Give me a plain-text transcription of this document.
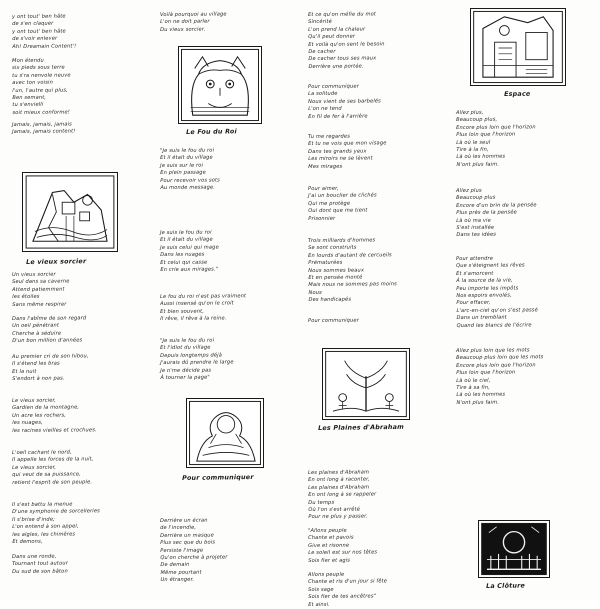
y ont tout' ben hâte
de s'en claquer
y ont tout' ben hâte
de s'voir enlever
Ah! Dreamain Content'!
Mon étendu
six pieds sous terre
tu s'ra nenvole neuve
avec ton voisin
l'un, l'autre qui plus,
Ben semant,
tu s'envielli
soit mieux conforme!
Jamais, jamais, jamais
Jamais, jamais content!
Le vieux sorcier
Un vieux sorcier
Seul dans sa caverne
Attend patiemment
les étoiles
Sans même respirer
Dans l'abîme de son regard
Un oeil pénétrant
Cherche à séduire
D'un bon million d'années
Au premier cri de son hibou,
Il s'étend les bras
Et la nuit
S'endort à non pas.
Le vieux sorcier,
Gardien de la montagne,
Un acre les rochers,
les nuages,
les racines vieilles et crochues.
L'oeil cachant le nord,
Il appelle les forces de la nuit,
Le vieux sorcier,
qui veut de sa puissance,
retient l'esprit de son peuple.
Il s'est battu la menue
D'une symphonie de sorcelleries
Il s'brise d'inde;
L'on entend à son appel,
les aigles, les chimères
Et demons,
Dans une ronde,
Tournant tout autour
Du sud de son bâton
Voilà pourquoi au village
L'on ne doit parler
Du vieux sorcier.
Le Fou du Roi
"Je suis le fou du roi
Et il était du village
Je suis sur le roi
En plein passage
Pour recevoir vos sots
Au monde message.
Je suis le fou du roi
Et il était du village
Je suis celui qui mage
Dans les nuages
Et celui qui casse
En crie aux mirages."
Le fou du roi n'est pas vraiment
Aussi insensé qu'on le croit
Et bien souvent,
Il rêve, il rêve à la reine.
"Je suis le fou du roi
Et l'idiot du village
Depuis longtemps déjà
J'aurais dû prendre le large
Je n'me décide pas
À tourner la page"
Pour communiquer
Derrière un écran
de l'incendie,
Derrière un masque
Plus sec que du bois
Persiste l'image
Qu'on cherche à projeter
De demain
Même pourtant
Un étranger.
Et ce qu'on méfie du mot
Sincérité
L'on prend la chaleur
Qu'il peut donner
Et voilà qu'on sent le besoin
De cacher
De cacher tous ses maux
Derrière une portée.
Pour communiquer
La solitude
Nous vient de ses barbelés
L'on ne tend
En fil de fer à l'arrière
Tu me regardes
Et tu ne vois que mon visage
Dans tes grands yeux
Les miroirs ne se lèvent
Mes mirages
Pour aimer,
J'ai un bouclier de clichés
Qui me protège
Oui dont que me tient
Prisonnier
Trois milliards d'hommes
Se sont construits
En lourds d'autant de cercueils
Prématurées
Nous sommes beaux
Et en pensée monté
Mais nous ne sommes pas moins
Nous
Des handicapés
Pour communiquer
Les Plaines d'Abraham
Les plaines d'Abraham
En ont long à raconter,
Les plaines d'Abraham
En ont long à se rappeler
Du temps
Où l'on s'est arrêté
Pour ne plus y passer.
"Allons peuple
Chante et pavois
Give et risonne
Le soleil est sur nos têtes
Sois fier et agis
Allons peuple
Chante et ris d'un jour si fête
Sois sage
Sois fier de tes ancêtres"
Et ainsi.
Espace
Allez plus,
Beaucoup plus,
Encore plus loin que l'horizon
Plus loin que l'horizon
Là où le seul
Tire à la fin,
Là où les hommes
N'ont plus faim.
Allez plus
Beaucoup plus
Encore d'un brin de la pensée
Plus près de la pensée
Là où ma vie
S'est installée
Dans tes idées
Pour attendre
Que s'éteignent les rêves
Et s'amorcent
À la source de la vie,
Peu importe les impôts
Nos espoirs envolés,
Pour effacer,
L'arc-en-ciel qu'on s'est passé
Dans un tremblant
Quand les blancs de l'écrire
Allez plus loin que les mots
Beaucoup plus loin que les mots
Encore plus loin que l'horizon
Plus loin que l'horizon
Là où le ciel,
Tire à sa fin,
Là où les hommes
N'ont plus faim.
La Clôture
